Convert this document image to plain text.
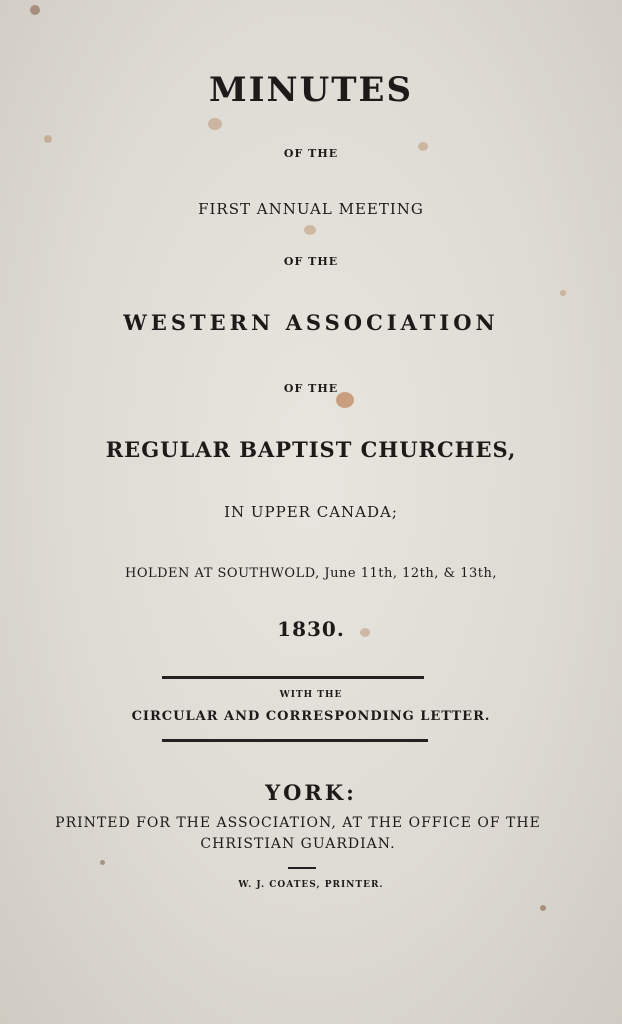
MINUTES
OF THE
FIRST ANNUAL MEETING
OF THE
WESTERN ASSOCIATION
OF THE
REGULAR BAPTIST CHURCHES,
IN UPPER CANADA;
HOLDEN AT SOUTHWOLD, June 11th, 12th, & 13th,
1830.
WITH THE
CIRCULAR AND CORRESPONDING LETTER.
YORK:
PRINTED FOR THE ASSOCIATION, AT THE OFFICE OF THE
CHRISTIAN GUARDIAN.
W. J. COATES, PRINTER.
